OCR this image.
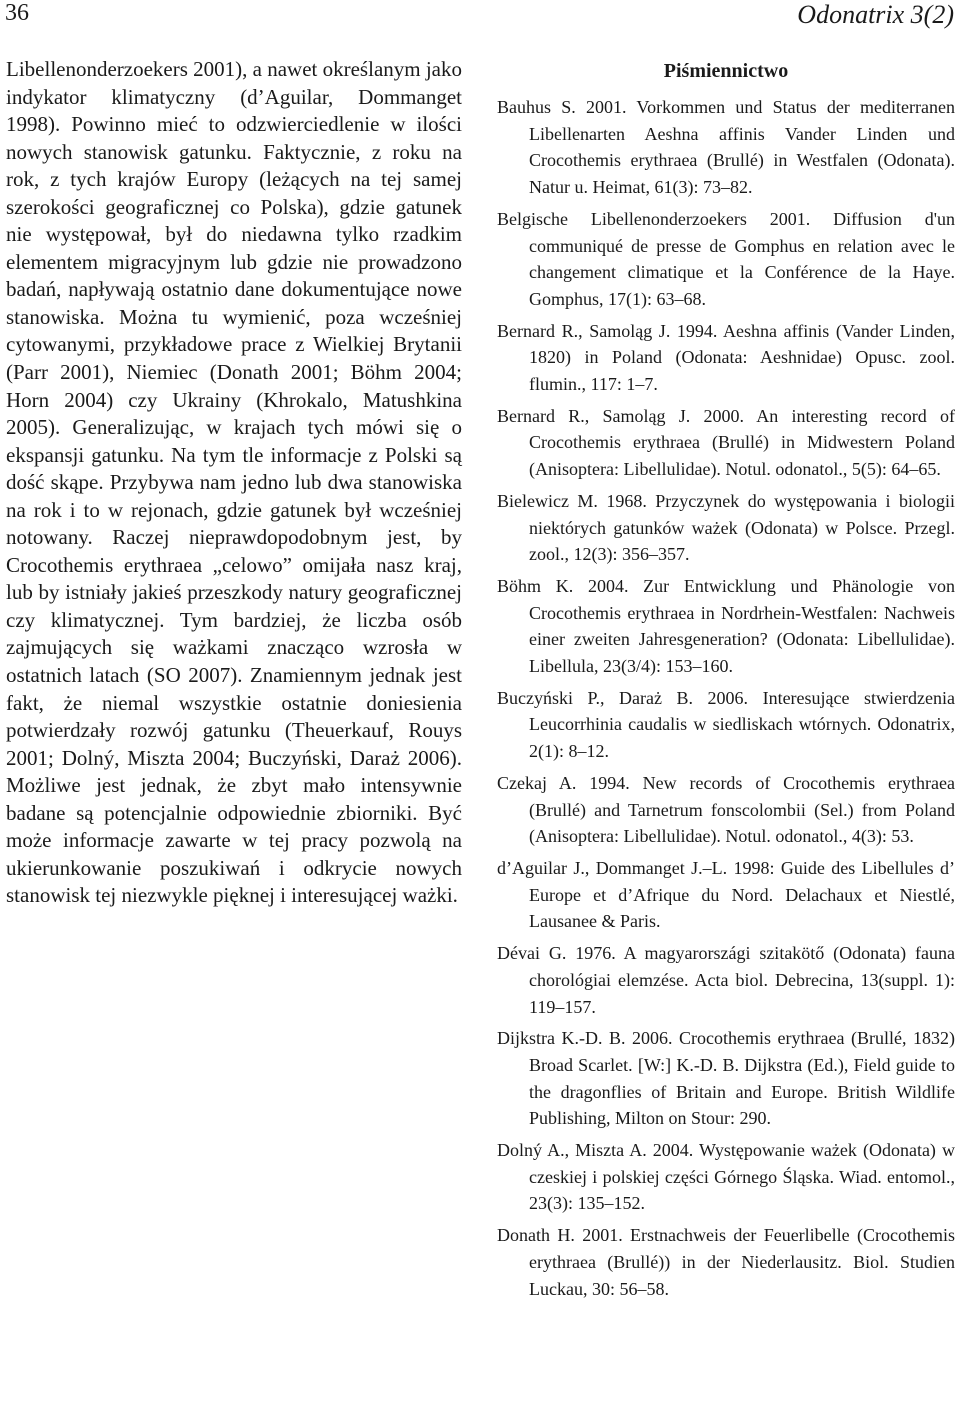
36	Odonatrix 3(2)

Libellenonderzoekers 2001), a nawet określanym jako indykator klimatyczny (d’Aguilar, Dommanget 1998). Powinno mieć to odzwierciedlenie w ilości nowych stanowisk gatunku. Faktycznie, z roku na rok, z tych krajów Europy (leżących na tej samej szerokości geograficznej co Polska), gdzie gatunek nie występował, był do niedawna tylko rzadkim elementem migracyjnym lub gdzie nie prowadzono badań, napływają ostatnio dane dokumentujące nowe stanowiska. Można tu wymienić, poza wcześniej cytowanymi, przykładowe prace z Wielkiej Brytanii (Parr 2001), Niemiec (Donath 2001; Böhm 2004; Horn 2004) czy Ukrainy (Khrokalo, Matushkina 2005). Generalizując, w krajach tych mówi się o ekspansji gatunku. Na tym tle informacje z Polski są dość skąpe. Przybywa nam jedno lub dwa stanowiska na rok i to w rejonach, gdzie gatunek był wcześniej notowany. Raczej nieprawdopodobnym jest, by Crocothemis erythraea „celowo” omijała nasz kraj, lub by istniały jakieś przeszkody natury geograficznej czy klimatycznej. Tym bardziej, że liczba osób zajmujących się ważkami znacząco wzrosła w ostatnich latach (SO 2007). Znamiennym jednak jest fakt, że niemal wszystkie ostatnie doniesienia potwierdzały rozwój gatunku (Theuerkauf, Rouys 2001; Dolný, Miszta 2004; Buczyński, Daraż 2006). Możliwe jest jednak, że zbyt mało intensywnie badane są potencjalnie odpowiednie zbiorniki. Być może informacje zawarte w tej pracy pozwolą na ukierunkowanie poszukiwań i odkrycie nowych stanowisk tej niezwykle pięknej i interesującej ważki.

Piśmiennictwo
Bauhus S. 2001. Vorkommen und Status der mediterranen Libellenarten Aeshna affinis Vander Linden und Crocothemis erythraea (Brullé) in Westfalen (Odonata). Natur u. Heimat, 61(3): 73–82.
Belgische Libellenonderzoekers 2001. Diffusion d'un communiqué de presse de Gomphus en relation avec le changement climatique et la Conférence de la Haye. Gomphus, 17(1): 63–68.
Bernard R., Samoląg J. 1994. Aeshna affinis (Vander Linden, 1820) in Poland (Odonata: Aeshnidae) Opusc. zool. flumin., 117: 1–7.
Bernard R., Samoląg J. 2000. An interesting record of Crocothemis erythraea (Brullé) in Midwestern Poland (Anisoptera: Libellulidae). Notul. odonatol., 5(5): 64–65.
Bielewicz M. 1968. Przyczynek do występowania i biologii niektórych gatunków ważek (Odonata) w Polsce. Przegl. zool., 12(3): 356–357.
Böhm K. 2004. Zur Entwicklung und Phänologie von Crocothemis erythraea in Nordrhein-Westfalen: Nachweis einer zweiten Jahresgeneration? (Odonata: Libellulidae). Libellula, 23(3/4): 153–160.
Buczyński P., Daraż B. 2006. Interesujące stwierdzenia Leucorrhinia caudalis w siedliskach wtórnych. Odonatrix, 2(1): 8–12.
Czekaj A. 1994. New records of Crocothemis erythraea (Brullé) and Tarnetrum fonscolombii (Sel.) from Poland (Anisoptera: Libellulidae). Notul. odonatol., 4(3): 53.
d’Aguilar J., Dommanget J.–L. 1998: Guide des Libellules d’ Europe et d’Afrique du Nord. Delachaux et Niestlé, Lausanee & Paris.
Dévai G. 1976. A magyarországi szitakötő (Odonata) fauna chorológiai elemzése. Acta biol. Debrecina, 13(suppl. 1): 119–157.
Dijkstra K.-D. B. 2006. Crocothemis erythraea (Brullé, 1832) Broad Scarlet. [W:] K.-D. B. Dijkstra (Ed.), Field guide to the dragonflies of Britain and Europe. British Wildlife Publishing, Milton on Stour: 290.
Dolný A., Miszta A. 2004. Występowanie ważek (Odonata) w czeskiej i polskiej części Górnego Śląska. Wiad. entomol., 23(3): 135–152.
Donath H. 2001. Erstnachweis der Feuerlibelle (Crocothemis erythraea (Brullé)) in der Niederlausitz. Biol. Studien Luckau, 30: 56–58.
